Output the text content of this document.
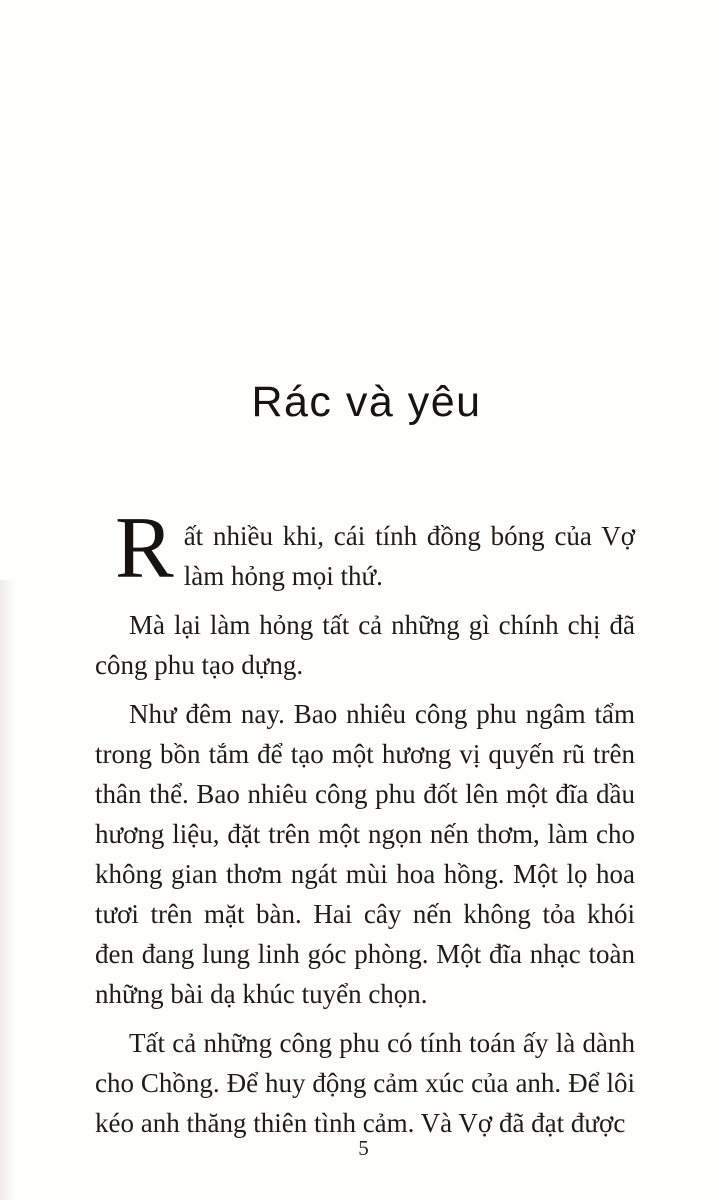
Rác và yêu

Rất nhiều khi, cái tính đồng bóng của Vợ làm hỏng mọi thứ.

Mà lại làm hỏng tất cả những gì chính chị đã công phu tạo dựng.

Như đêm nay. Bao nhiêu công phu ngâm tẩm trong bồn tắm để tạo một hương vị quyến rũ trên thân thể. Bao nhiêu công phu đốt lên một đĩa dầu hương liệu, đặt trên một ngọn nến thơm, làm cho không gian thơm ngát mùi hoa hồng. Một lọ hoa tươi trên mặt bàn. Hai cây nến không tỏa khói đen đang lung linh góc phòng. Một đĩa nhạc toàn những bài dạ khúc tuyển chọn.

Tất cả những công phu có tính toán ấy là dành cho Chồng. Để huy động cảm xúc của anh. Để lôi kéo anh thăng thiên tình cảm. Và Vợ đã đạt được

5
